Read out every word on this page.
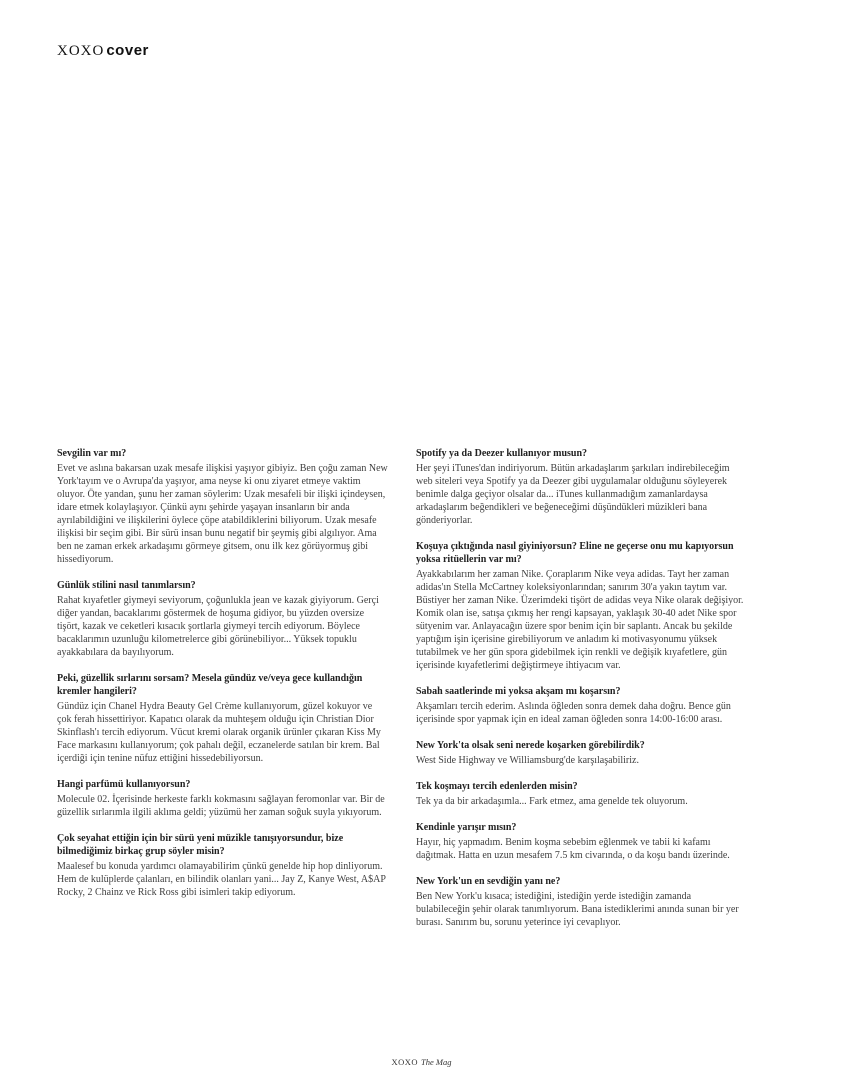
XOXO cover
Sevgilin var mı?

Evet ve aslına bakarsan uzak mesafe ilişkisi yaşıyor gibiyiz. Ben çoğu zaman New York'tayım ve o Avrupa'da yaşıyor, ama neyse ki onu ziyaret etmeye vaktim oluyor. Öte yandan, şunu her zaman söylerim: Uzak mesafeli bir ilişki içindeysen, idare etmek kolaylaşıyor. Çünkü aynı şehirde yaşayan insanların bir anda ayrılabildiğini ve ilişkilerini öylece çöpe atabildiklerini biliyorum. Uzak mesafe ilişkisi bir seçim gibi. Bir sürü insan bunu negatif bir şeymiş gibi algılıyor. Ama ben ne zaman erkek arkadaşımı görmeye gitsem, onu ilk kez görüyormuş gibi hissediyorum.

Günlük stilini nasıl tanımlarsın?

Rahat kıyafetler giymeyi seviyorum, çoğunlukla jean ve kazak giyiyorum. Gerçi diğer yandan, bacaklarımı göstermek de hoşuma gidiyor, bu yüzden oversize tişört, kazak ve ceketleri kısacık şortlarla giymeyi tercih ediyorum. Böylece bacaklarımın uzunluğu kilometrelerce gibi görünebiliyor... Yüksek topuklu ayakkabılara da bayılıyorum.

Peki, güzellik sırlarını sorsam? Mesela gündüz ve/veya gece kullandığın kremler hangileri?

Gündüz için Chanel Hydra Beauty Gel Crème kullanıyorum, güzel kokuyor ve çok ferah hissettiriyor. Kapatıcı olarak da muhteşem olduğu için Christian Dior Skinflash'ı tercih ediyorum. Vücut kremi olarak organik ürünler çıkaran Kiss My Face markasını kullanıyorum; çok pahalı değil, eczanelerde satılan bir krem. Bal içerdiği için tenine nüfuz ettiğini hissedebiliyorsun.

Hangi parfümü kullanıyorsun?

Molecule 02. İçerisinde herkeste farklı kokmasını sağlayan feromonlar var. Bir de güzellik sırlarımla ilgili aklıma geldi; yüzümü her zaman soğuk suyla yıkıyorum.

Çok seyahat ettiğin için bir sürü yeni müzikle tanışıyorsundur, bize bilmediğimiz birkaç grup söyler misin?

Maalesef bu konuda yardımcı olamayabilirim çünkü genelde hip hop dinliyorum. Hem de kulüplerde çalanları, en bilindik olanları yani... Jay Z, Kanye West, A$AP Rocky, 2 Chainz ve Rick Ross gibi isimleri takip ediyorum.

Spotify ya da Deezer kullanıyor musun?

Her şeyi iTunes'dan indiriyorum. Bütün arkadaşlarım şarkıları indirebileceğim web siteleri veya Spotify ya da Deezer gibi uygulamalar olduğunu söyleyerek benimle dalga geçiyor olsalar da... iTunes kullanmadığım zamanlardaysa arkadaşlarım beğendikleri ve beğeneceğimi düşündükleri müzikleri bana gönderiyorlar.

Koşuya çıktığında nasıl giyiniyorsun? Eline ne geçerse onu mu kapıyorsun yoksa ritüellerin var mı?

Ayakkabılarım her zaman Nike. Çoraplarım Nike veya adidas. Tayt her zaman adidas'ın Stella McCartney koleksiyonlarından; sanırım 30'a yakın taytım var. Büstiyer her zaman Nike. Üzerimdeki tişört de adidas veya Nike olarak değişiyor. Komik olan ise, satışa çıkmış her rengi kapsayan, yaklaşık 30-40 adet Nike spor sütyenim var. Anlayacağın üzere spor benim için bir saplantı. Ancak bu şekilde yaptığım işin içerisine girebiliyorum ve anladım ki motivasyonumu yüksek tutabilmek ve her gün spora gidebilmek için renkli ve değişik kıyafetlere, gün içerisinde kıyafetlerimi değiştirmeye ihtiyacım var.

Sabah saatlerinde mi yoksa akşam mı koşarsın?

Akşamları tercih ederim. Aslında öğleden sonra demek daha doğru. Bence gün içerisinde spor yapmak için en ideal zaman öğleden sonra 14:00-16:00 arası.

New York'ta olsak seni nerede koşarken görebilirdik?

West Side Highway ve Williamsburg'de karşılaşabiliriz.

Tek koşmayı tercih edenlerden misin?

Tek ya da bir arkadaşımla... Fark etmez, ama genelde tek oluyorum.

Kendinle yarışır mısın?

Hayır, hiç yapmadım. Benim koşma sebebim eğlenmek ve tabii ki kafamı dağıtmak. Hatta en uzun mesafem 7.5 km civarında, o da koşu bandı üzerinde.

New York'un en sevdiğin yanı ne?

Ben New York'u kısaca; istediğini, istediğin yerde istediğin zamanda bulabileceğin şehir olarak tanımlıyorum. Bana istediklerimi anında sunan bir yer burası. Sanırım bu, sorunu yeterince iyi cevaplıyor.

XOXO The Mag
